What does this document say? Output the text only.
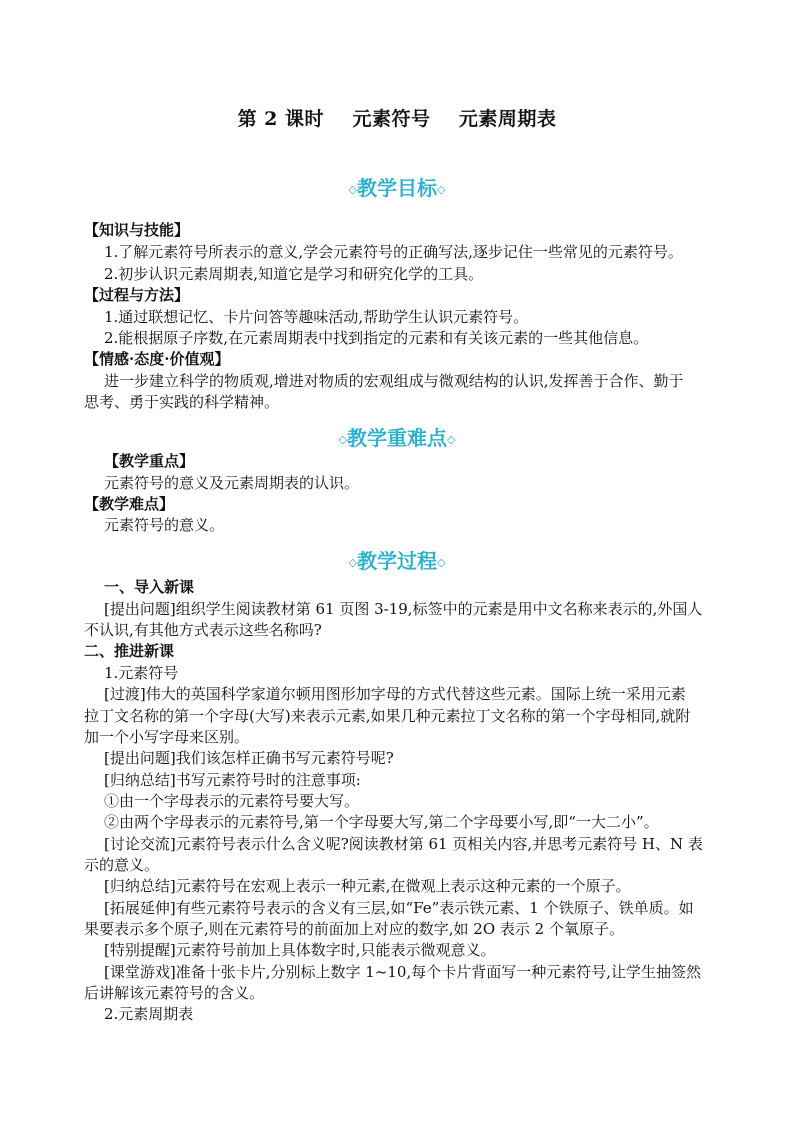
第 2 课时    元素符号    元素周期表
◇教学目标◇
【知识与技能】
1.了解元素符号所表示的意义,学会元素符号的正确写法,逐步记住一些常见的元素符号。
2.初步认识元素周期表,知道它是学习和研究化学的工具。
【过程与方法】
1.通过联想记忆、卡片问答等趣味活动,帮助学生认识元素符号。
2.能根据原子序数,在元素周期表中找到指定的元素和有关该元素的一些其他信息。
【情感·态度·价值观】
进一步建立科学的物质观,增进对物质的宏观组成与微观结构的认识,发挥善于合作、勤于
思考、勇于实践的科学精神。
◇教学重难点◇
【教学重点】
元素符号的意义及元素周期表的认识。
【教学难点】
元素符号的意义。
◇教学过程◇
一、导入新课
[提出问题]组织学生阅读教材第 61 页图 3-19,标签中的元素是用中文名称来表示的,外国人
不认识,有其他方式表示这些名称吗?
二、推进新课
1.元素符号
[过渡]伟大的英国科学家道尔顿用图形加字母的方式代替这些元素。国际上统一采用元素
拉丁文名称的第一个字母(大写)来表示元素,如果几种元素拉丁文名称的第一个字母相同,就附
加一个小写字母来区别。
[提出问题]我们该怎样正确书写元素符号呢?
[归纳总结]书写元素符号时的注意事项:
①由一个字母表示的元素符号要大写。
②由两个字母表示的元素符号,第一个字母要大写,第二个字母要小写,即“一大二小”。
[讨论交流]元素符号表示什么含义呢?阅读教材第 61 页相关内容,并思考元素符号 H、N 表
示的意义。
[归纳总结]元素符号在宏观上表示一种元素,在微观上表示这种元素的一个原子。
[拓展延伸]有些元素符号表示的含义有三层,如“Fe”表示铁元素、1 个铁原子、铁单质。如
果要表示多个原子,则在元素符号的前面加上对应的数字,如 2O 表示 2 个氧原子。
[特别提醒]元素符号前加上具体数字时,只能表示微观意义。
[课堂游戏]准备十张卡片,分别标上数字 1~10,每个卡片背面写一种元素符号,让学生抽签然
后讲解该元素符号的含义。
2.元素周期表
